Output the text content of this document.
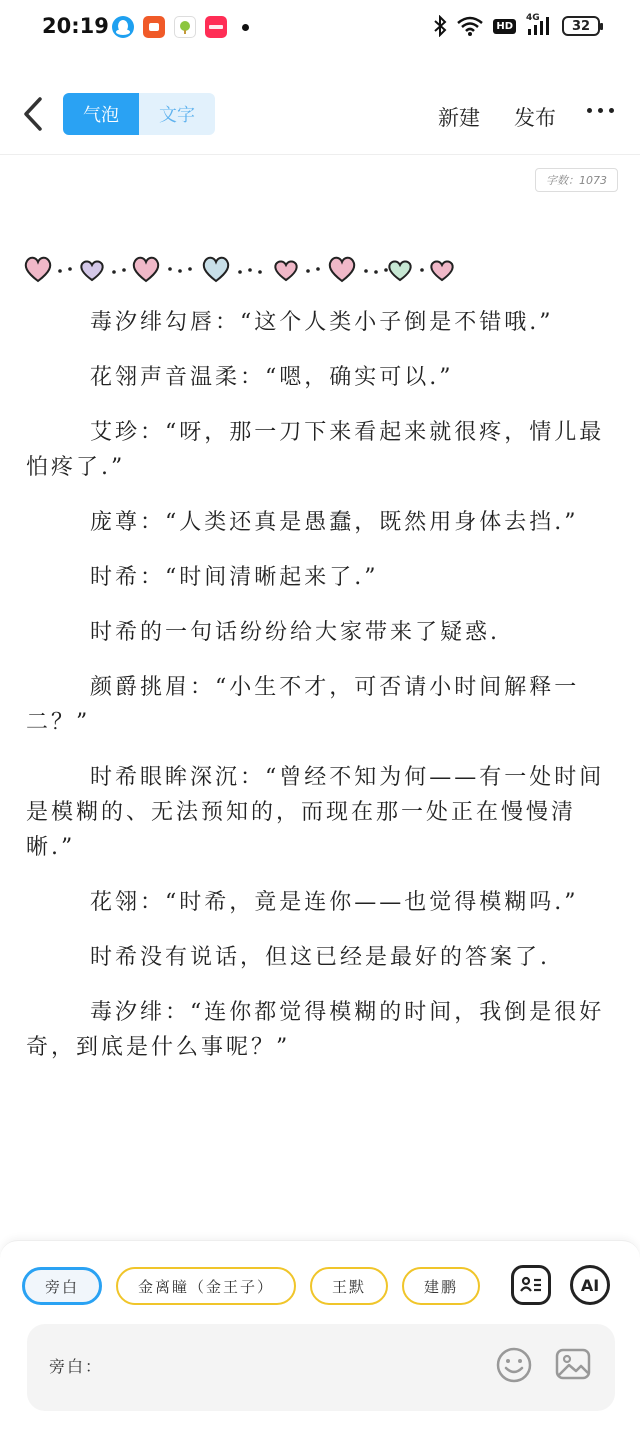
20:19	HD
4G
32
气泡	文字	新建 发布
字数：1073

毒汐绯勾唇：“这个人类小子倒是不错哦.”

花翎声音温柔：“嗯，确实可以.”

艾珍：“呀，那一刀下来看起来就很疼，情儿最怕疼了.”

庞尊：“人类还真是愚蠢，既然用身体去挡.”

时希：“时间清晰起来了.”

时希的一句话纷纷给大家带来了疑惑.

颜爵挑眉：“小生不才，可否请小时间解释一二？”

时希眼眸深沉：“曾经不知为何——有一处时间是模糊的、无法预知的，而现在那一处正在慢慢清晰.”

花翎：“时希，竟是连你——也觉得模糊吗.”

时希没有说话，但这已经是最好的答案了.

毒汐绯：“连你都觉得模糊的时间，我倒是很好奇，到底是什么事呢？”

旁白	金离瞳（金王子）	王默	建鹏	AI
旁白：
